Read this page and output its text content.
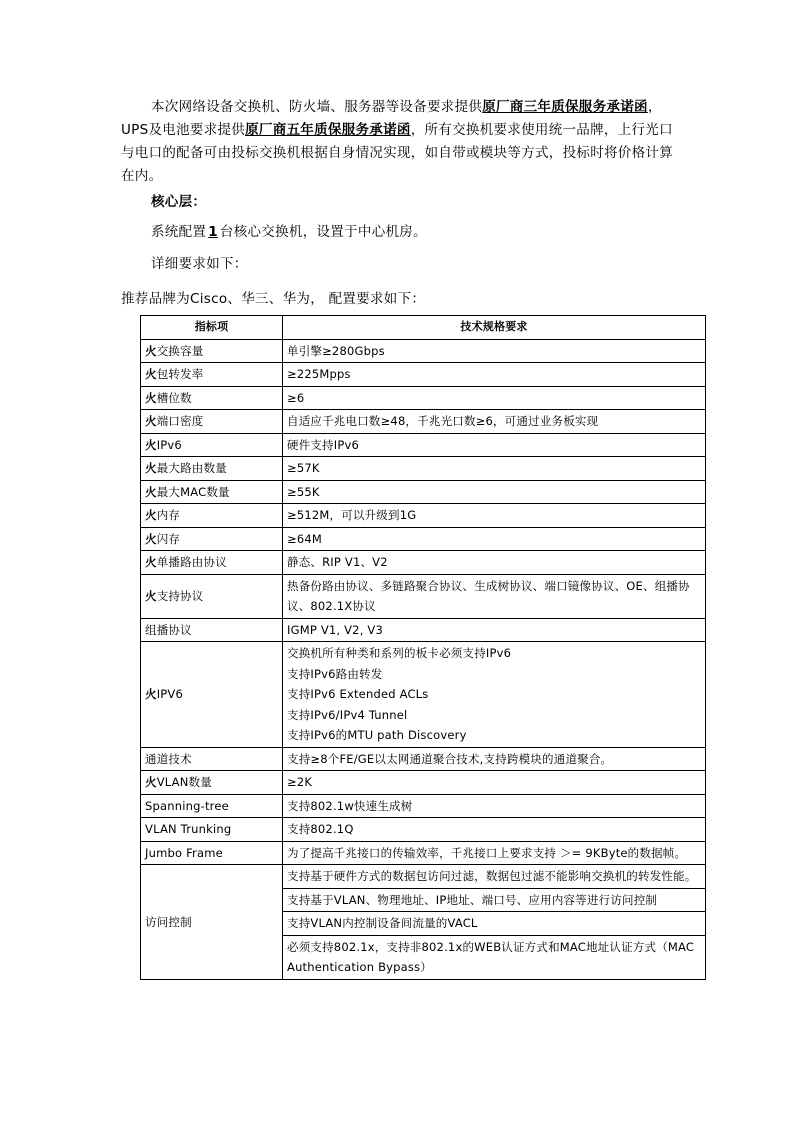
本次网络设备交换机、防火墙、服务器等设备要求提供原厂商三年质保服务承诺函，UPS及电池要求提供原厂商五年质保服务承诺函，所有交换机要求使用统一品牌，上行光口与电口的配备可由投标交换机根据自身情况实现，如自带或模块等方式，投标时将价格计算在内。
核心层：
系统配置 1 台核心交换机，设置于中心机房。
详细要求如下：
推荐品牌为Cisco、华三、华为， 配置要求如下：
指标项	技术规格要求
火交换容量	单引擎≥280Gbps

火包转发率	≥225Mpps

火槽位数	≥6

火端口密度	自适应千兆电口数≥48，千兆光口数≥6，可通过业务板实现

火IPv6	硬件支持IPv6

火最大路由数量	≥57K

火最大MAC数量	≥55K

火内存	≥512M，可以升级到1G

火闪存	≥64M

火单播路由协议	静态、RIP V1、V2

火支持协议	热备份路由协议、多链路聚合协议、生成树协议、端口镜像协议、OE、组播协议、802.1X协议

组播协议	IGMP V1, V2, V3

火IPV6	交换机所有种类和系列的板卡必须支持IPv6
支持IPv6路由转发
支持IPv6 Extended ACLs
支持IPv6/IPv4 Tunnel
支持IPv6的MTU path Discovery

通道技术	支持≥8个FE/GE以太网通道聚合技术,支持跨模块的通道聚合。

火VLAN数量	≥2K

Spanning-tree	支持802.1w快速生成树

VLAN Trunking	支持802.1Q

Jumbo Frame	为了提高千兆接口的传输效率，千兆接口上要求支持 ＞= 9KByte的数据帧。

访问控制	支持基于硬件方式的数据包访问过滤，数据包过滤不能影响交换机的转发性能。
	支持基于VLAN、物理地址、IP地址、端口号、应用内容等进行访问控制
	支持VLAN内控制设备间流量的VACL
	必须支持802.1x，支持非802.1x的WEB认证方式和MAC地址认证方式（MAC Authentication Bypass）
